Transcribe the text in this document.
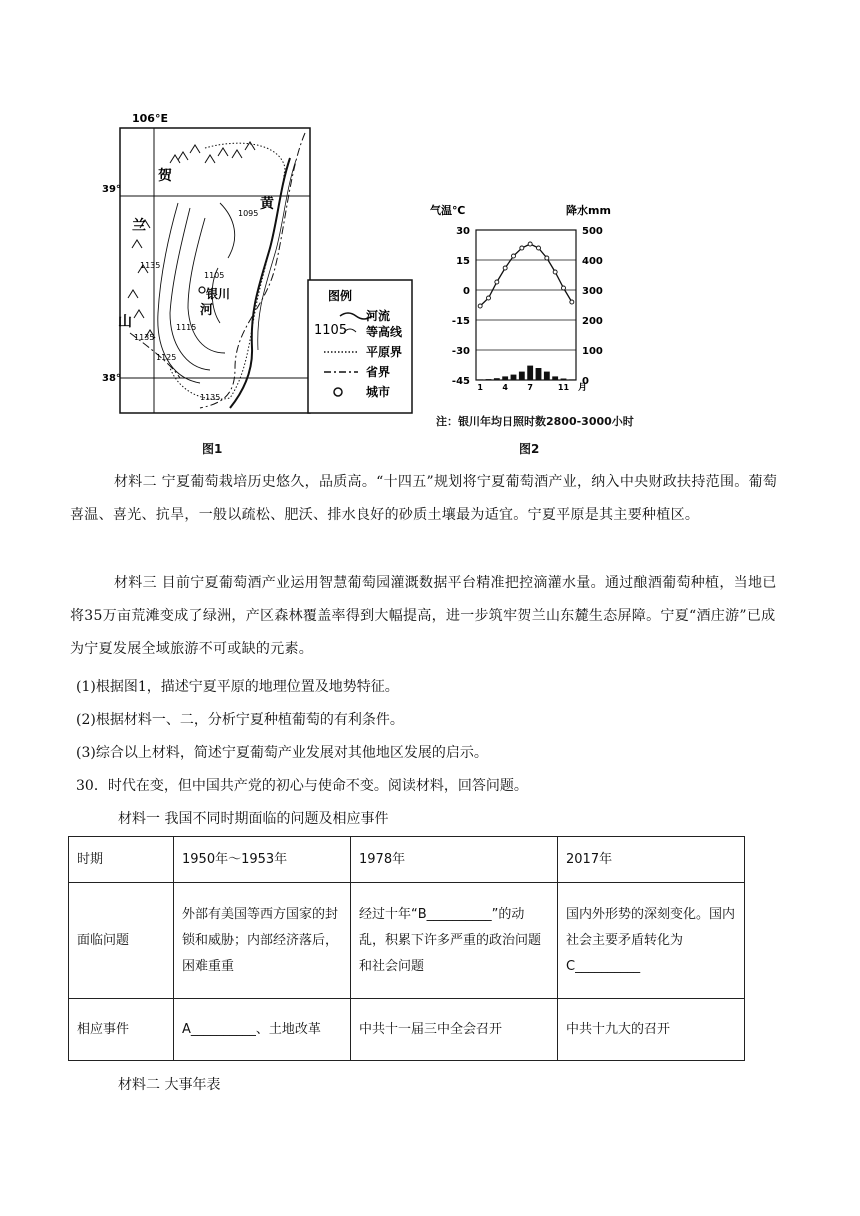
106°E
39°
38°
贺
兰
山
黄
河
银川
1095
1105
1115
1125
1135
1135
1135
图例
河流
1105 等高线
平原界
省界
城市
图1
气温℃	降水mm
30
15
0
-15
-30
-45
500
400
300
200
100
0
1 4 7	11 月
图2
注：银川年均日照时数2800-3000小时
材料二 宁夏葡萄栽培历史悠久，品质高。“十四五”规划将宁夏葡萄酒产业，纳入中央财政扶持范围。葡萄喜温、喜光、抗旱，一般以疏松、肥沃、排水良好的砂质土壤最为适宜。宁夏平原是其主要种植区。
材料三 目前宁夏葡萄酒产业运用智慧葡萄园灌溉数据平台精准把控滴灌水量。通过酿酒葡萄种植，当地已将35万亩荒滩变成了绿洲，产区森林覆盖率得到大幅提高，进一步筑牢贺兰山东麓生态屏障。宁夏“酒庄游”已成为宁夏发展全域旅游不可或缺的元素。
(1)根据图1，描述宁夏平原的地理位置及地势特征。
(2)根据材料一、二，分析宁夏种植葡萄的有利条件。
(3)综合以上材料，简述宁夏葡萄产业发展对其他地区发展的启示。
30．时代在变，但中国共产党的初心与使命不变。阅读材料，回答问题。
材料一 我国不同时期面临的问题及相应事件
时期	1950年～1953年	1978年	2017年
面临问题	外部有美国等西方国家的封锁和威胁；内部经济落后，困难重重	经过十年“B__________”的动乱，积累下许多严重的政治问题和社会问题	国内外形势的深刻变化。国内社会主要矛盾转化为C__________
相应事件	A__________、土地改革	中共十一届三中全会召开	中共十九大的召开
材料二 大事年表
